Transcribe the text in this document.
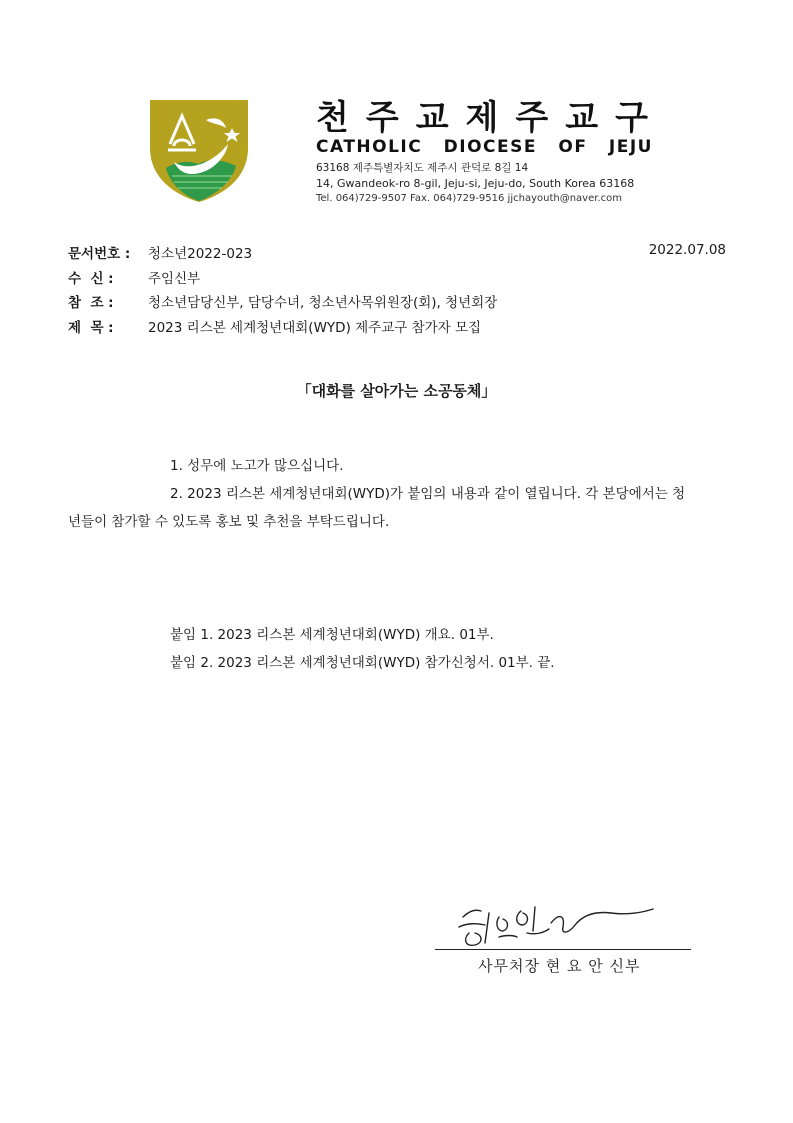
천주교제주교구
CATHOLIC DIOCESE OF JEJU
63168 제주특별자치도 제주시 관덕로 8길 14
14, Gwandeok-ro 8-gil, Jeju-si, Jeju-do, South Korea 63168
Tel. 064)729-9507 Fax. 064)729-9516 jjchayouth@naver.com
문서번호 : 청소년2022-023	2022.07.08
수  신 :	주임신부
참  조 :	청소년담당신부, 담당수녀, 청소년사목위원장(회), 청년회장
제  목 :	2023 리스본 세계청년대회(WYD) 제주교구 참가자 모집
「대화를 살아가는 소공동체」
1. 성무에 노고가 많으십니다.
2. 2023 리스본 세계청년대회(WYD)가 붙임의 내용과 같이 열립니다. 각 본당에서는 청
년들이 참가할 수 있도록 홍보 및 추천을 부탁드립니다.
붙임 1. 2023 리스본 세계청년대회(WYD) 개요. 01부.
붙임 2. 2023 리스본 세계청년대회(WYD) 참가신청서. 01부. 끝.
사무처장 현 요 안 신부
